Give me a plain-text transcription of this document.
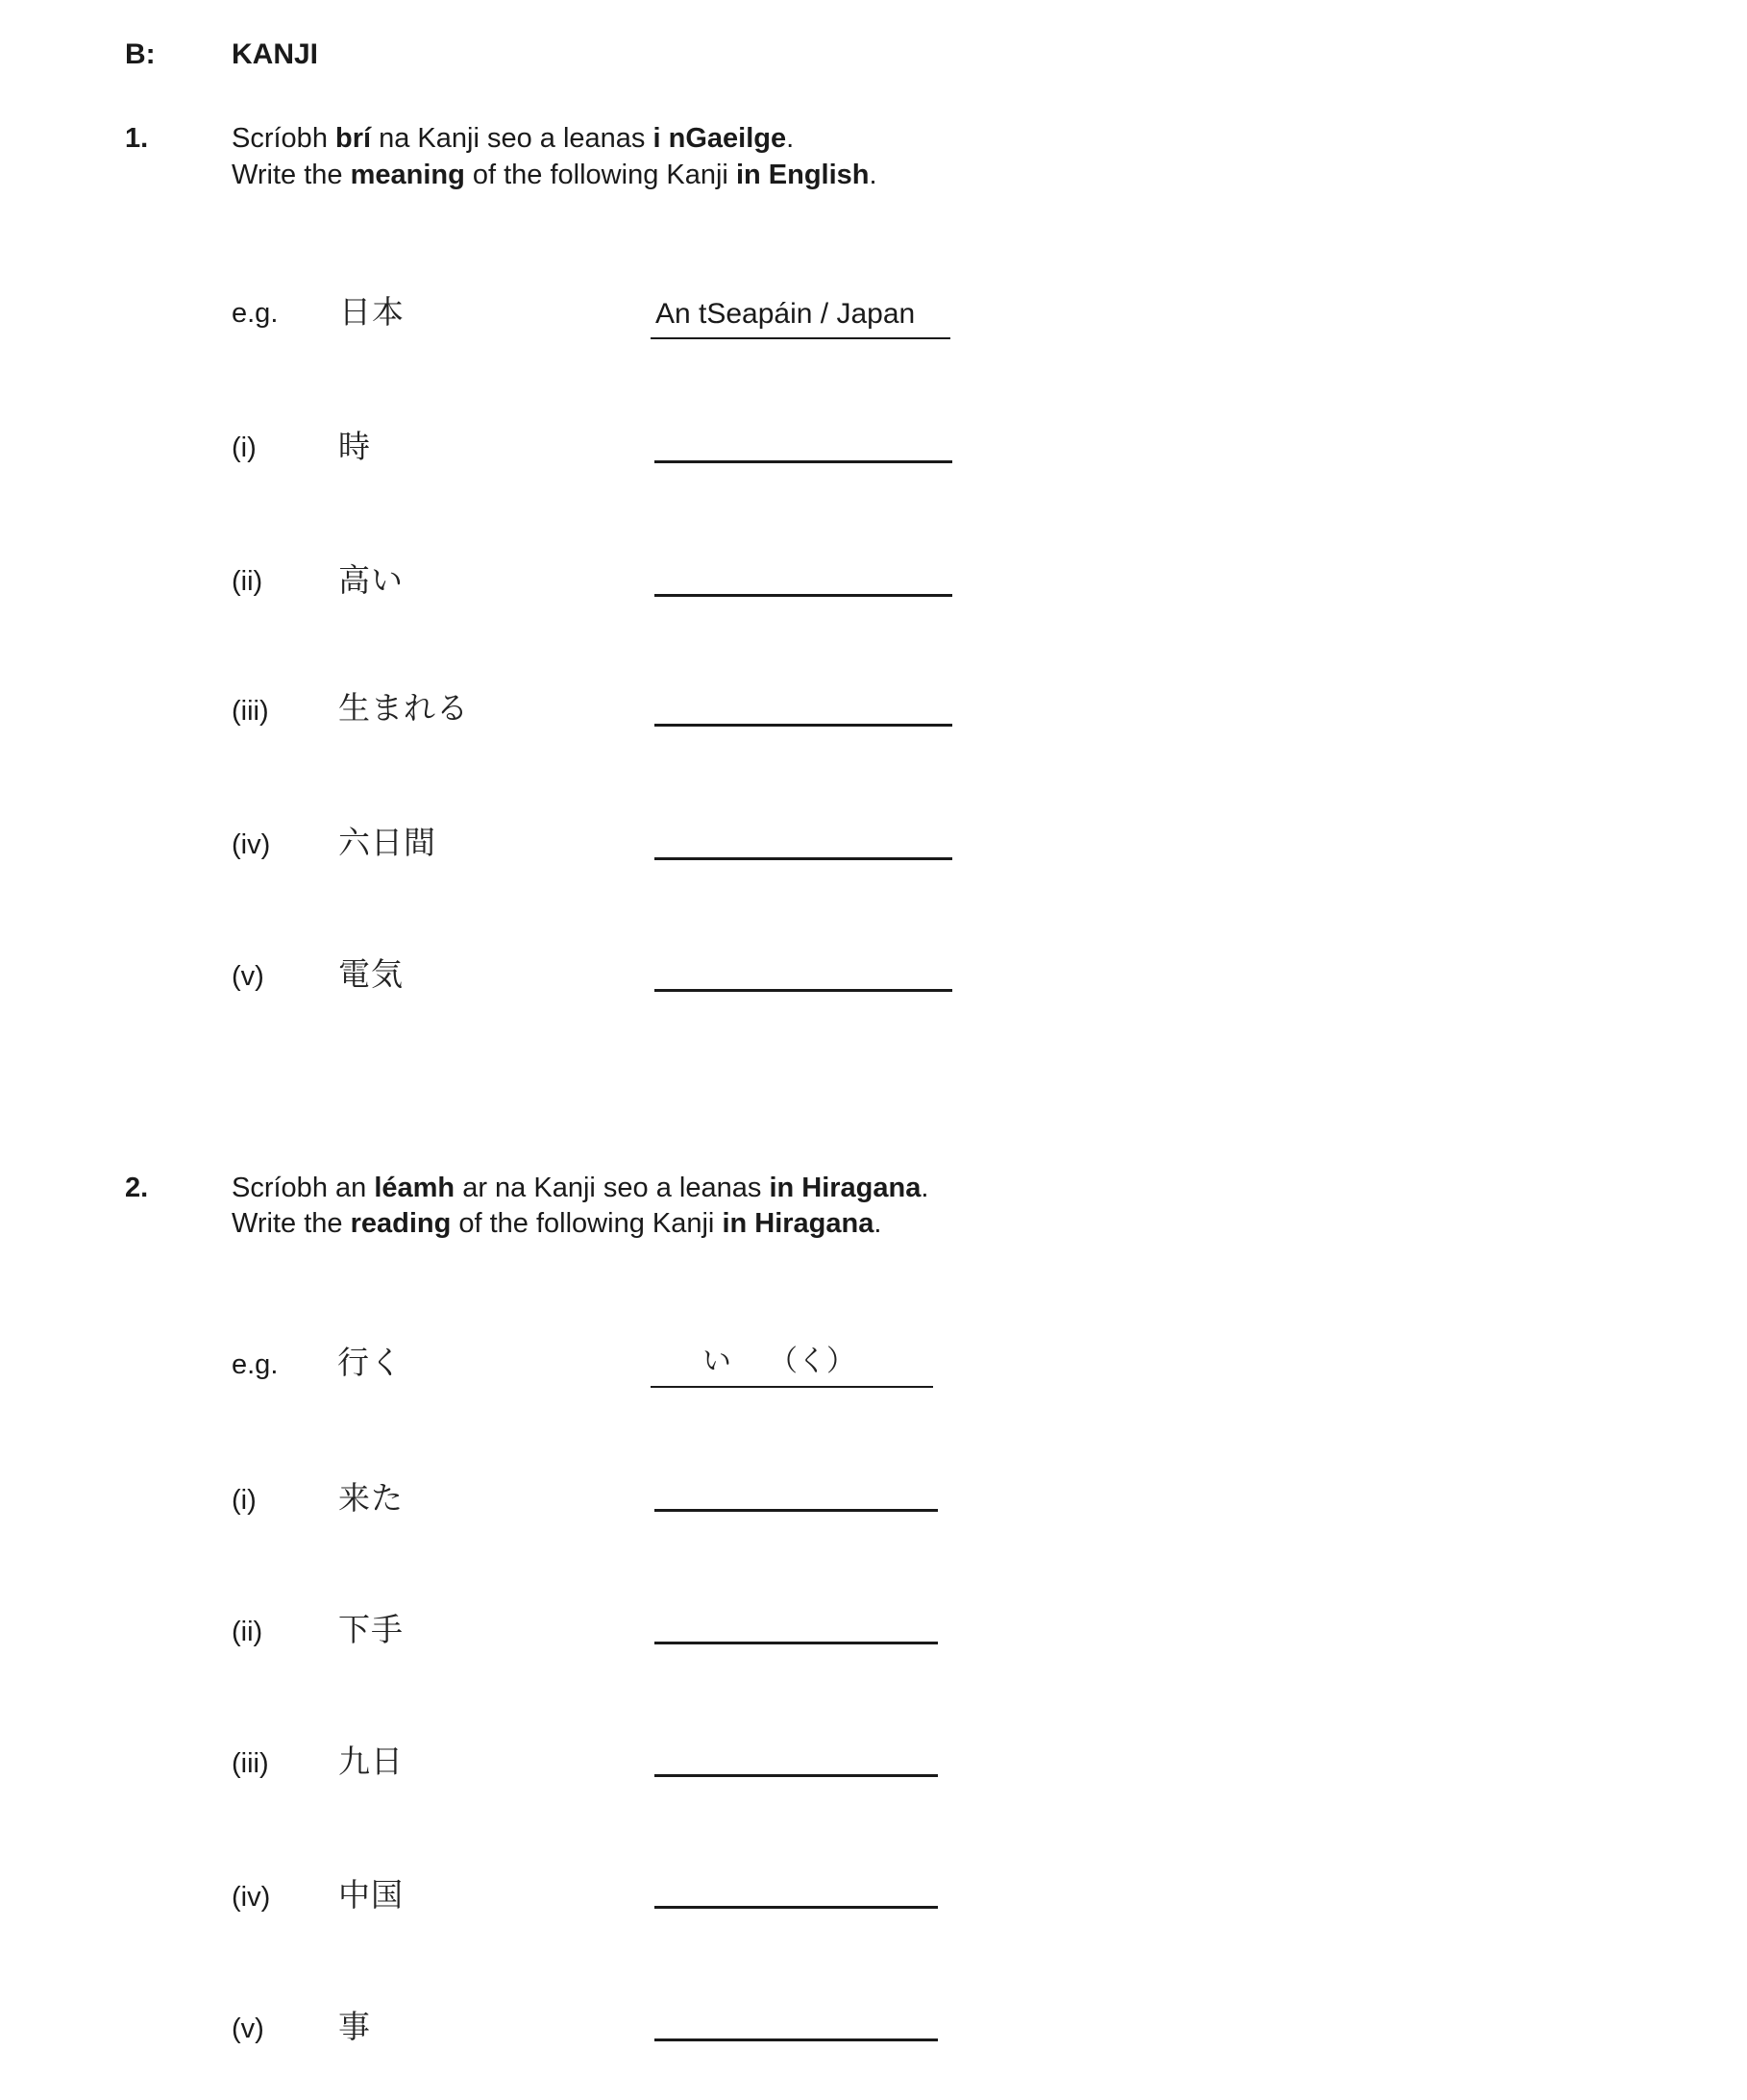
B:	KANJI
1.	Scríobh brí na Kanji seo a leanas i nGaeilge.
Write the meaning of the following Kanji in English.
e.g. 日本	An tSeapáin / Japan
(i)	時
(ii) 高い
(iii) 生まれる
(iv) 六日間
(v) 電気
2.	Scríobh an léamh ar na Kanji seo a leanas in Hiragana.
Write the reading of the following Kanji in Hiragana.
e.g. 行く	い （く）
(i)	来た
(ii) 下手
(iii) 九日
(iv) 中国
(v) 事
